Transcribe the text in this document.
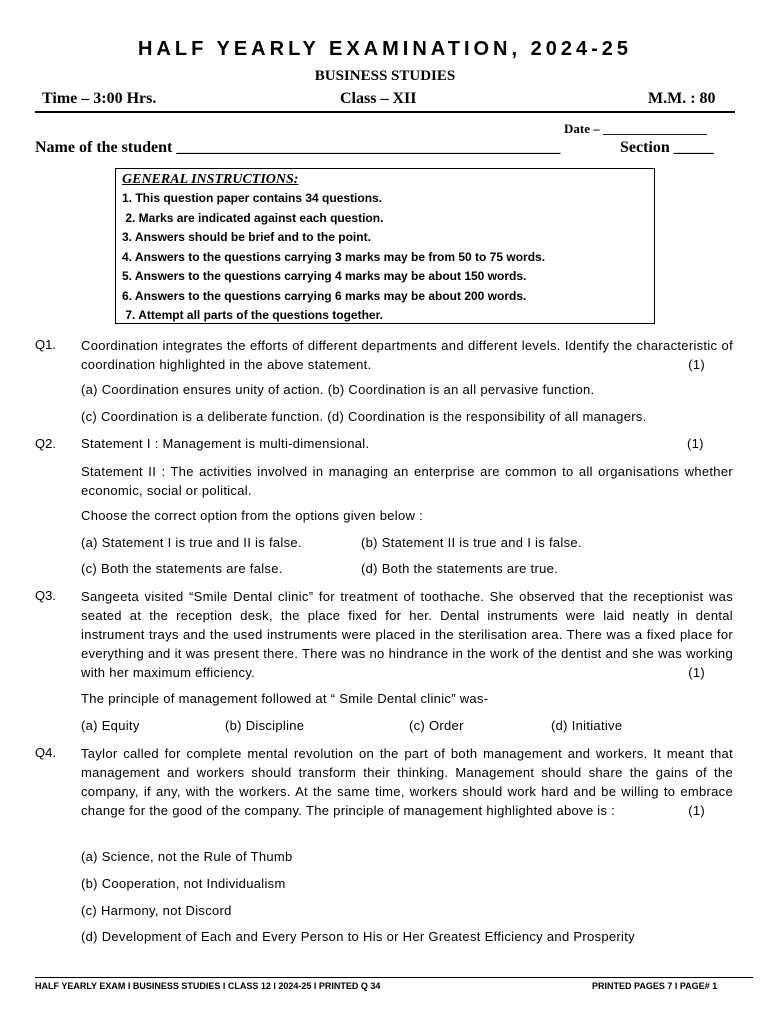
HALF YEARLY EXAMINATION, 2024-25
BUSINESS STUDIES
Time – 3:00 Hrs.	Class – XII	M.M. : 80
Date – ________________
Name of the student ________________________________________________	Section _____
GENERAL INSTRUCTIONS:
1. This question paper contains 34 questions.
2. Marks are indicated against each question.
3. Answers should be brief and to the point.
4. Answers to the questions carrying 3 marks may be from 50 to 75 words.
5. Answers to the questions carrying 4 marks may be about 150 words.
6. Answers to the questions carrying 6 marks may be about 200 words.
7. Attempt all parts of the questions together.
Q1. Coordination integrates the efforts of different departments and different levels. Identify the characteristic of coordination highlighted in the above statement.	(1)

(a) Coordination ensures unity of action. (b) Coordination is an all pervasive function.
(c) Coordination is a deliberate function. (d) Coordination is the responsibility of all managers.
Q2. Statement I : Management is multi-dimensional.	(1)
Statement II : The activities involved in managing an enterprise are common to all organisations whether economic, social or political.
Choose the correct option from the options given below :
(a) Statement I is true and II is false.	(b) Statement II is true and I is false.
(c) Both the statements are false.	(d) Both the statements are true.
Q3. Sangeeta visited “Smile Dental clinic” for treatment of toothache. She observed that the receptionist was seated at the reception desk, the place fixed for her. Dental instruments were laid neatly in dental instrument trays and the used instruments were placed in the sterilisation area. There was a fixed place for everything and it was present there. There was no hindrance in the work of the dentist and she was working with her maximum efficiency.	(1)

The principle of management followed at “ Smile Dental clinic” was-
(a) Equity	(b) Discipline	(c) Order	(d) Initiative
Q4. Taylor called for complete mental revolution on the part of both management and workers. It meant that management and workers should transform their thinking. Management should share the gains of the company, if any, with the workers. At the same time, workers should work hard and be willing to embrace change for the good of the company. The principle of management highlighted above is :	(1)

(a) Science, not the Rule of Thumb
(b) Cooperation, not Individualism
(c) Harmony, not Discord
(d) Development of Each and Every Person to His or Her Greatest Efficiency and Prosperity
HALF YEARLY EXAM I BUSINESS STUDIES I CLASS 12 I 2024-25 I PRINTED Q 34	PRINTED PAGES 7 I PAGE# 1
